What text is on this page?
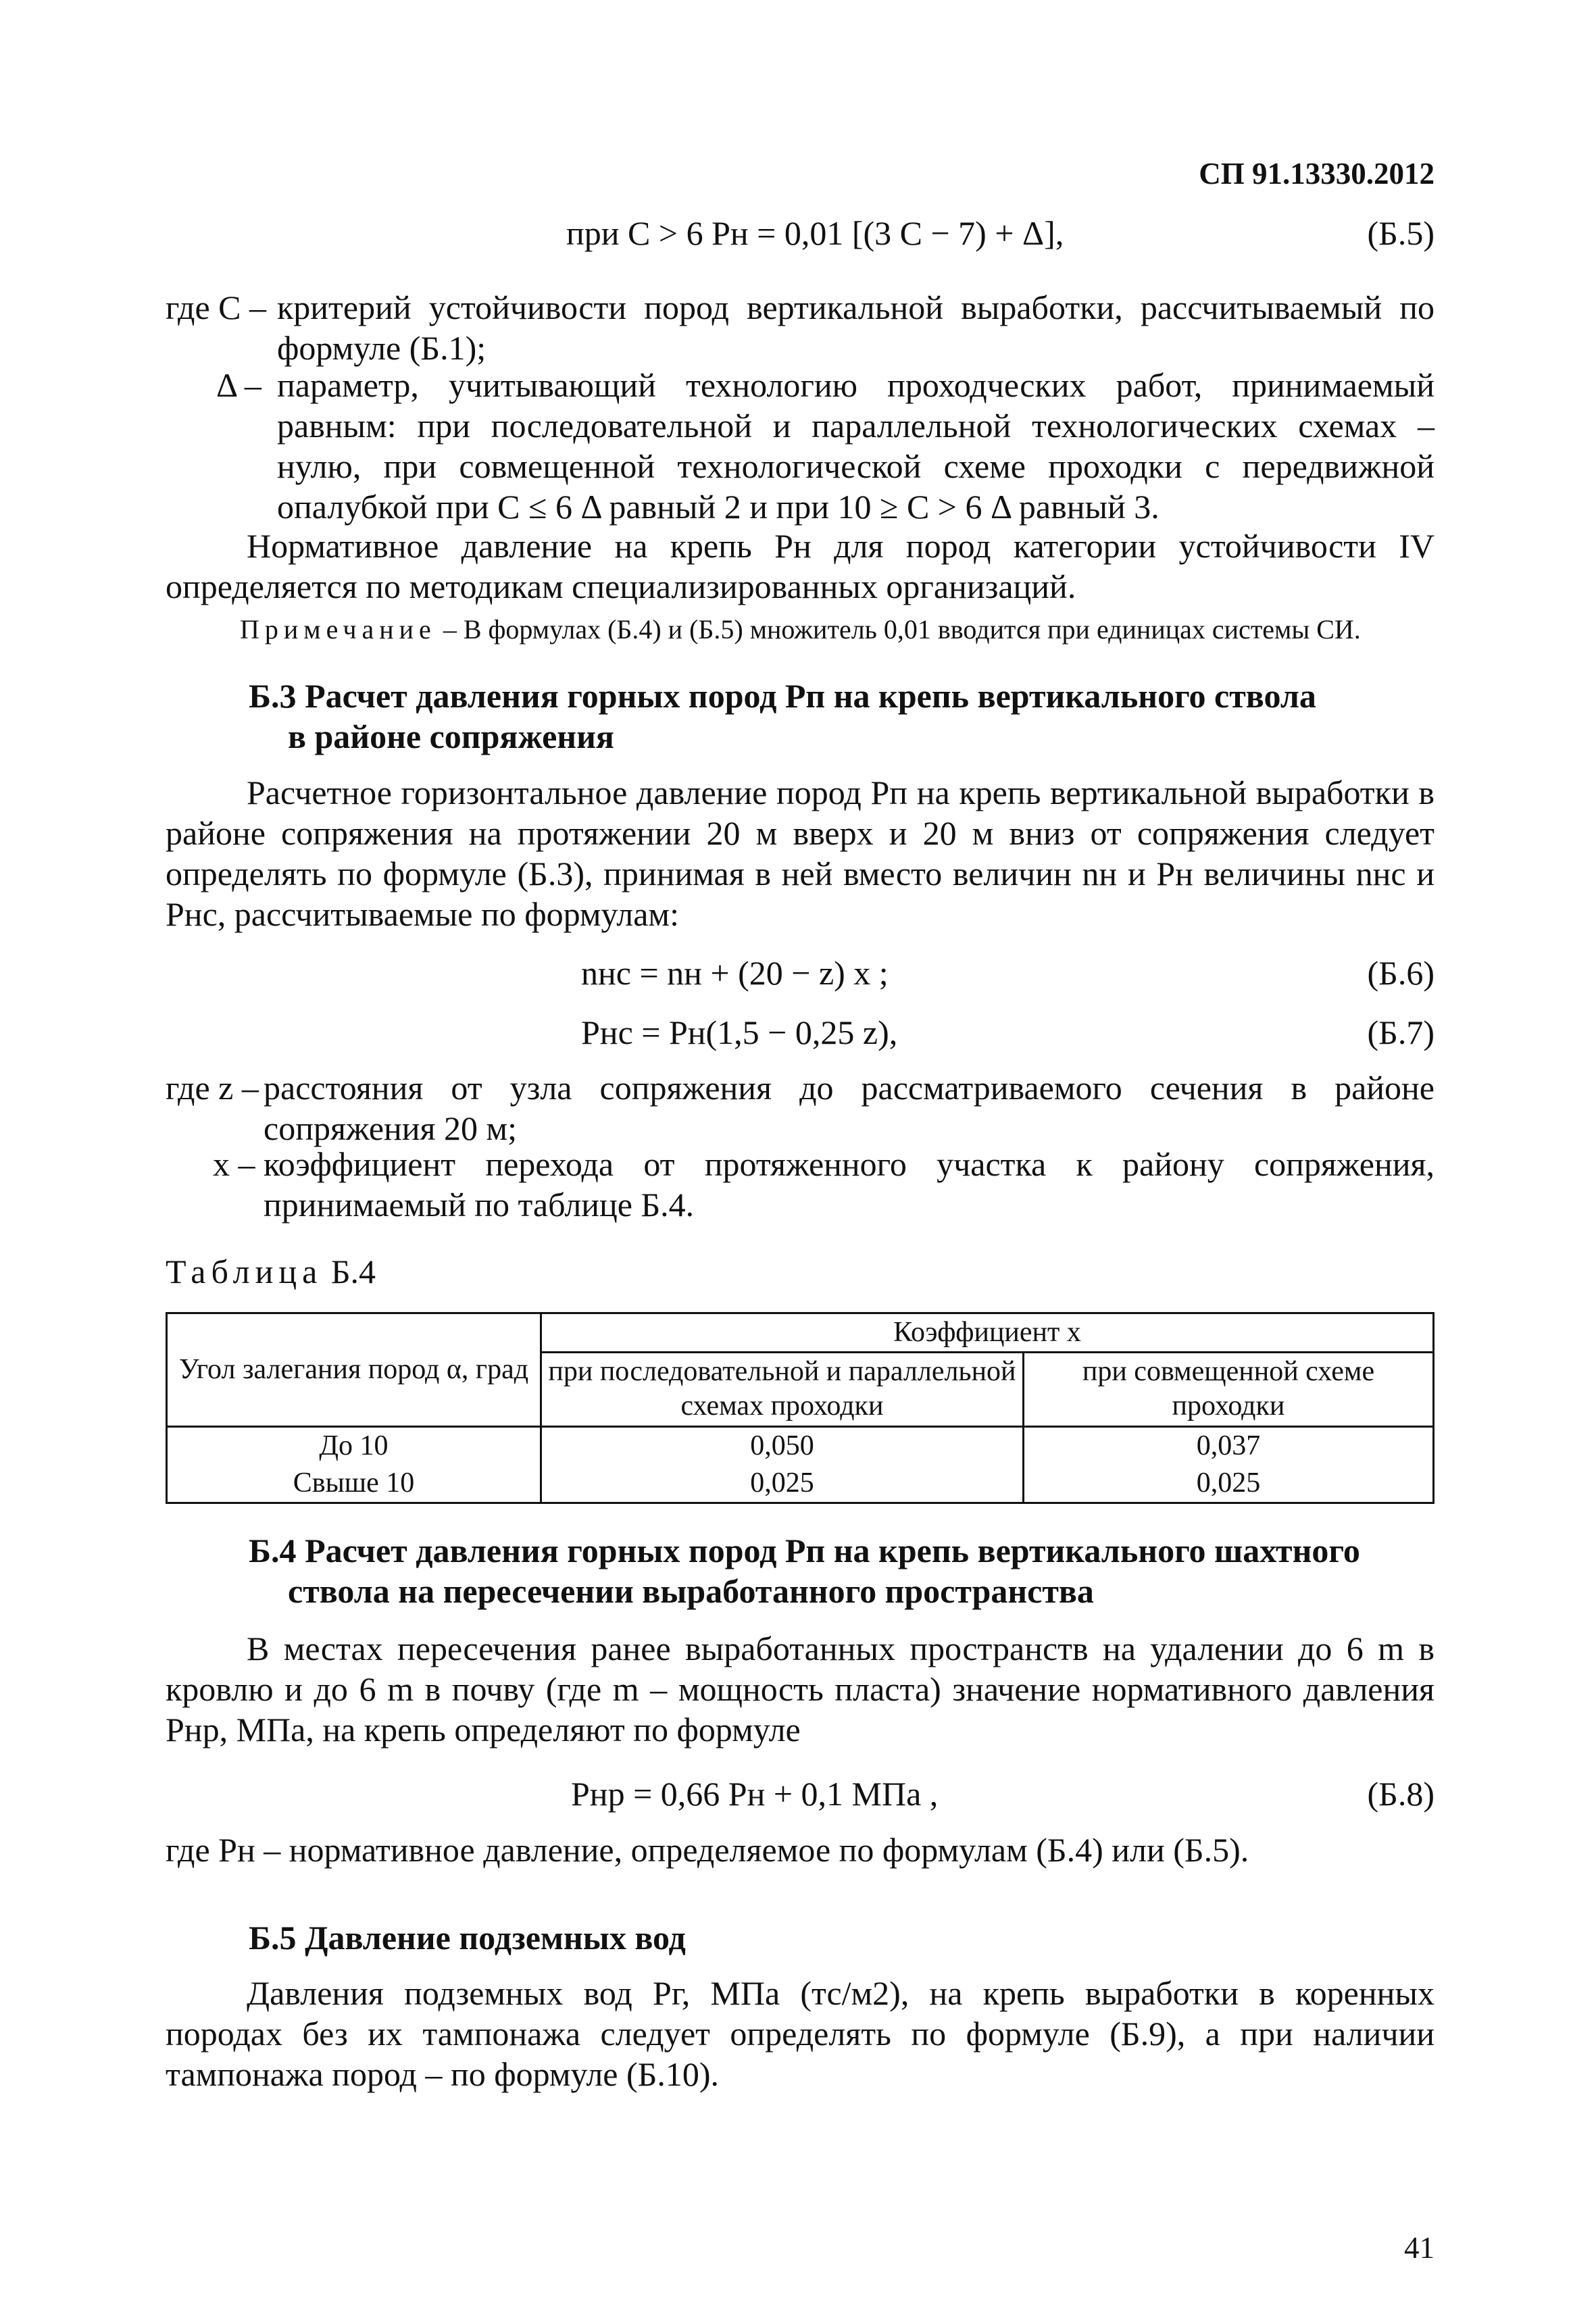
СП 91.13330.2012
при C > 6 Pн = 0,01 [(3 C − 7) + Δ],	(Б.5)
где C – критерий устойчивости пород вертикальной выработки, рассчитываемый по формуле (Б.1);
Δ – параметр, учитывающий технологию проходческих работ, принимаемый равным: при последовательной и параллельной технологических схемах – нулю, при совмещенной технологической схеме проходки с передвижной опалубкой при C ≤ 6 Δ равный 2 и при 10 ≥ C > 6 Δ равный 3.
Нормативное давление на крепь Pн для пород категории устойчивости IV определяется по методикам специализированных организаций.
Примечание – В формулах (Б.4) и (Б.5) множитель 0,01 вводится при единицах системы СИ.
Б.3 Расчет давления горных пород Pп на крепь вертикального ствола
в районе сопряжения
Расчетное горизонтальное давление пород Pп на крепь вертикальной выработки в районе сопряжения на протяжении 20 м вверх и 20 м вниз от сопряжения следует определять по формуле (Б.3), принимая в ней вместо величин nн и Pн величины nнс и Pнс, рассчитываемые по формулам:
nнс = nн + (20 − z) x ;	(Б.6)
Pнс = Pн(1,5 − 0,25 z),	(Б.7)
где z – расстояния от узла сопряжения до рассматриваемого сечения в районе сопряжения 20 м;
x – коэффициент перехода от протяженного участка к району сопряжения, принимаемый по таблице Б.4.
Таблица Б.4
Угол залегания пород α, град	Коэффициент x	
	при последовательной и параллельной схемах проходки	при совмещенной схеме проходки
До 10	0,050	0,037
Свыше 10	0,025	0,025
Б.4 Расчет давления горных пород Pп на крепь вертикального шахтного
ствола на пересечении выработанного пространства
В местах пересечения ранее выработанных пространств на удалении до 6 m в кровлю и до 6 m в почву (где m – мощность пласта) значение нормативного давления Pнр, МПа, на крепь определяют по формуле
Pнр = 0,66 Pн + 0,1 МПа ,	(Б.8)
где Pн – нормативное давление, определяемое по формулам (Б.4) или (Б.5).
Б.5 Давление подземных вод
Давления подземных вод Pг, МПа (тс/м2), на крепь выработки в коренных породах без их тампонажа следует определять по формуле (Б.9), а при наличии тампонажа пород – по формуле (Б.10).
41
